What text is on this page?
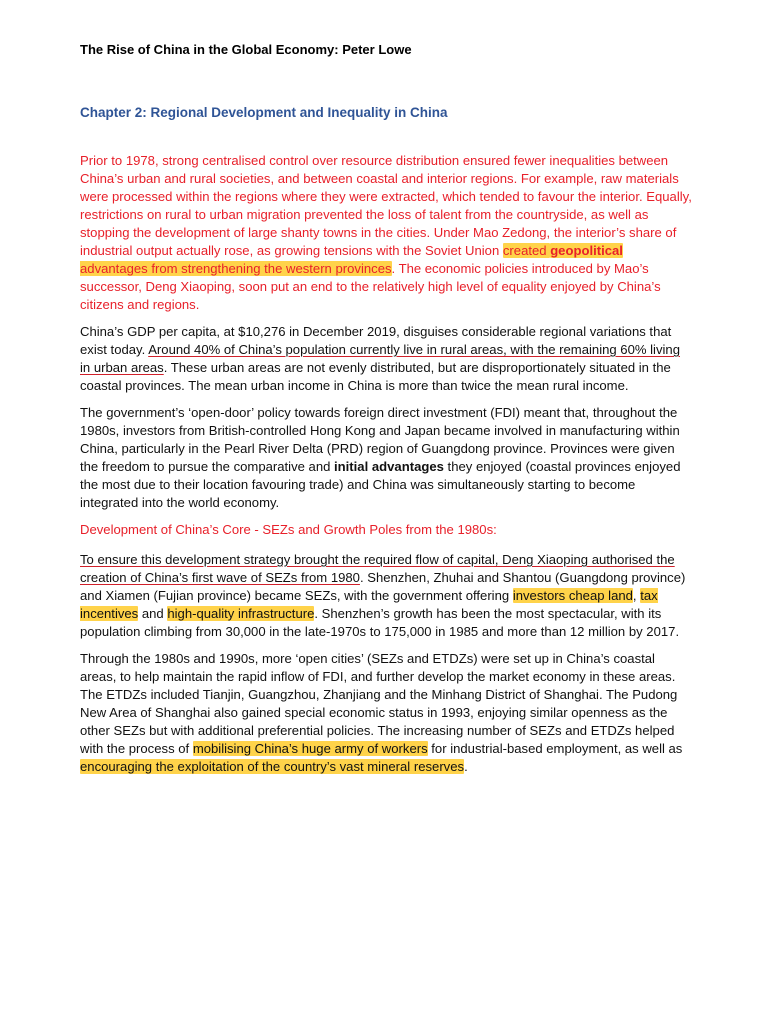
The Rise of China in the Global Economy: Peter Lowe
Chapter 2: Regional Development and Inequality in China

Prior to 1978, strong centralised control over resource distribution ensured fewer inequalities between China’s urban and rural societies, and between coastal and interior regions. For example, raw materials were processed within the regions where they were extracted, which tended to favour the interior. Equally, restrictions on rural to urban migration prevented the loss of talent from the countryside, as well as stopping the development of large shanty towns in the cities. Under Mao Zedong, the interior’s share of industrial output actually rose, as growing tensions with the Soviet Union created geopolitical advantages from strengthening the western provinces. The economic policies introduced by Mao’s successor, Deng Xiaoping, soon put an end to the relatively high level of equality enjoyed by China’s citizens and regions.

China’s GDP per capita, at $10,276 in December 2019, disguises considerable regional variations that exist today. Around 40% of China’s population currently live in rural areas, with the remaining 60% living in urban areas. These urban areas are not evenly distributed, but are disproportionately situated in the coastal provinces. The mean urban income in China is more than twice the mean rural income.

The government’s ‘open-door’ policy towards foreign direct investment (FDI) meant that, throughout the 1980s, investors from British-controlled Hong Kong and Japan became involved in manufacturing within China, particularly in the Pearl River Delta (PRD) region of Guangdong province. Provinces were given the freedom to pursue the comparative and initial advantages they enjoyed (coastal provinces enjoyed the most due to their location favouring trade) and China was simultaneously starting to become integrated into the world economy.

Development of China’s Core - SEZs and Growth Poles from the 1980s:

To ensure this development strategy brought the required flow of capital, Deng Xiaoping authorised the creation of China’s first wave of SEZs from 1980. Shenzhen, Zhuhai and Shantou (Guangdong province) and Xiamen (Fujian province) became SEZs, with the government offering investors cheap land, tax incentives and high-quality infrastructure. Shenzhen’s growth has been the most spectacular, with its population climbing from 30,000 in the late-1970s to 175,000 in 1985 and more than 12 million by 2017.

Through the 1980s and 1990s, more ‘open cities’ (SEZs and ETDZs) were set up in China’s coastal areas, to help maintain the rapid inflow of FDI, and further develop the market economy in these areas. The ETDZs included Tianjin, Guangzhou, Zhanjiang and the Minhang District of Shanghai. The Pudong New Area of Shanghai also gained special economic status in 1993, enjoying similar openness as the other SEZs but with additional preferential policies. The increasing number of SEZs and ETDZs helped with the process of mobilising China’s huge army of workers for industrial-based employment, as well as encouraging the exploitation of the country’s vast mineral reserves.
